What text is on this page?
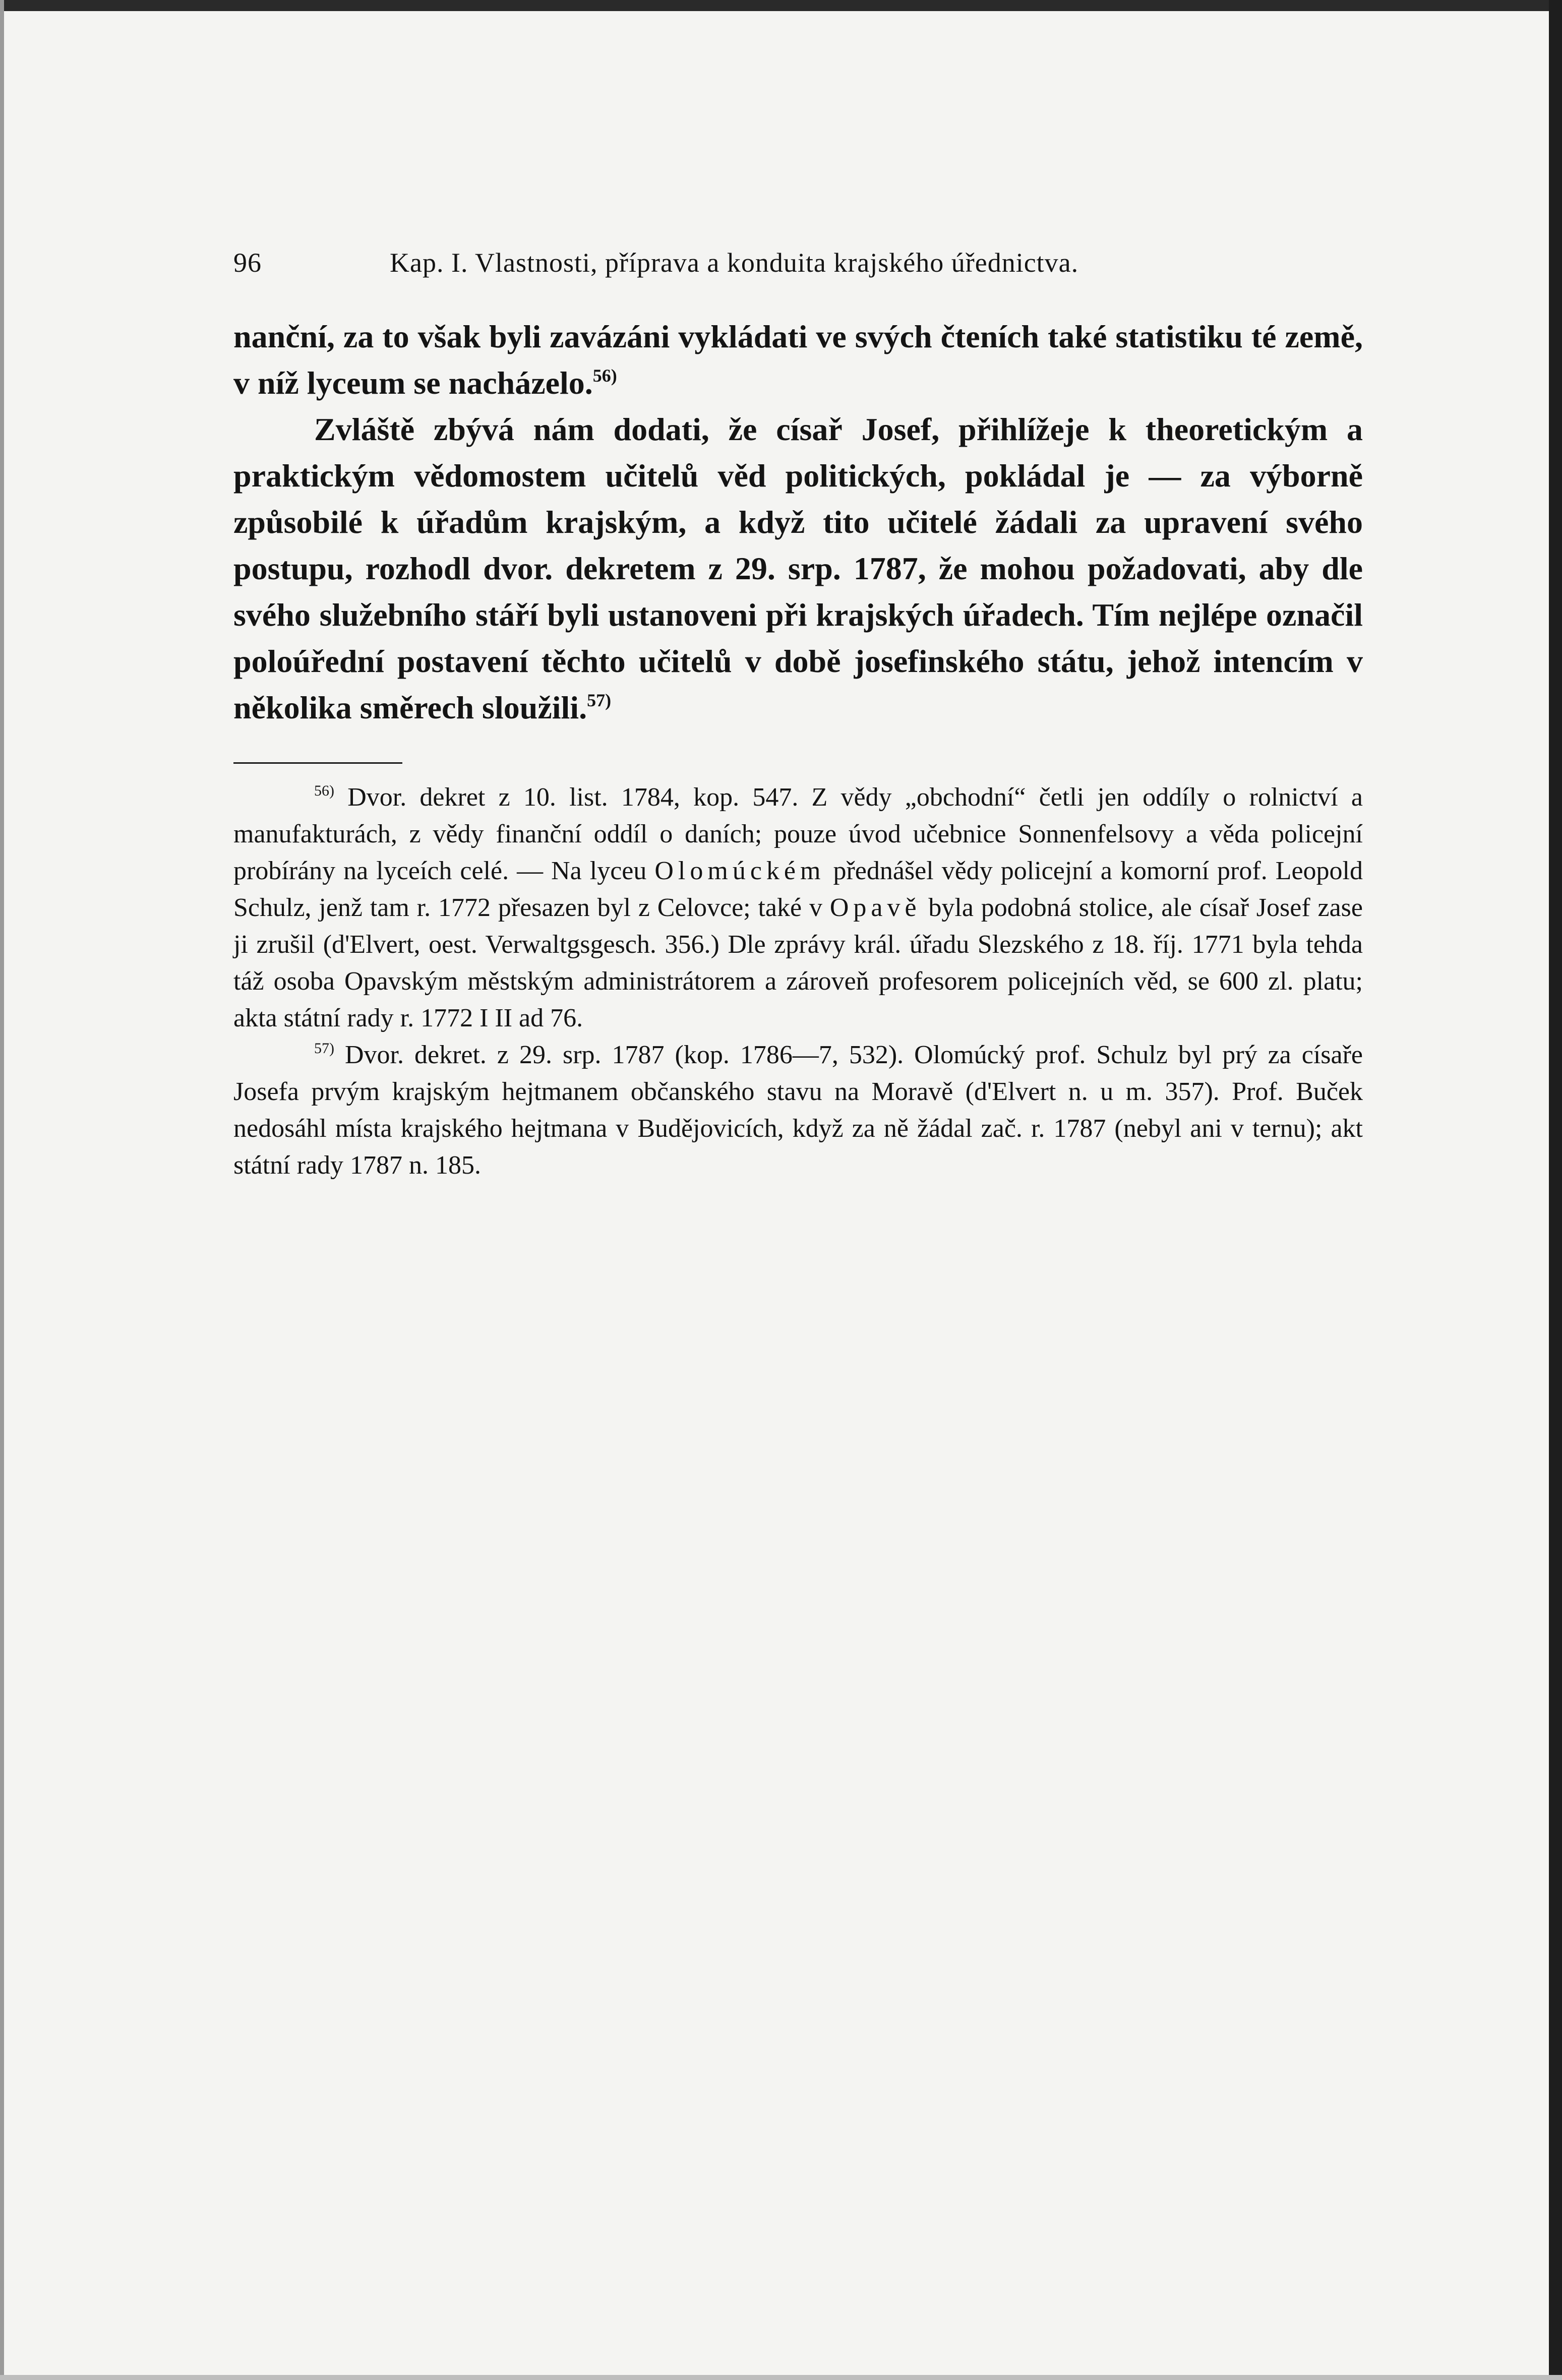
96	Kap. I. Vlastnosti, příprava a konduita krajského úřednictva.

nanční, za to však byli zavázáni vykládati ve svých čteních také statistiku té země, v níž lyceum se nacházelo.$^{56)}$

Zvláště zbývá nám dodati, že císař Josef, přihlížeje k theoretickým a praktickým vědomostem učitelů věd politických, pokládal je — za výborně způsobilé k úřadům krajským, a když tito učitelé žádali za upravení svého postupu, rozhodl dvor. dekretem z 29. srp. 1787, že mohou požadovati, aby dle svého služebního stáří byli ustanoveni při krajských úřadech. Tím nejlépe označil poloúřední postavení těchto učitelů v době josefinského státu, jehož intencím v několika směrech sloužili.$^{57)}$

$^{56)}$ Dvor. dekret z 10. list. 1784, kop. 547. Z vědy „obchodní“ četli jen oddíly o rolnictví a manufakturách, z vědy finanční oddíl o daních; pouze úvod učebnice Sonnenfelsovy a věda policejní probírány na lyceích celé. — Na lyceu Olomúckém přednášel vědy policejní a komorní prof. Leopold Schulz, jenž tam r. 1772 přesazen byl z Celovce; také v Opavě byla podobná stolice, ale císař Josef zase ji zrušil (d'Elvert, oest. Verwaltgsgesch. 356.) Dle zprávy král. úřadu Slezského z 18. říj. 1771 byla tehda táž osoba Opavským městským administrátorem a zároveň profesorem policejních věd, se 600 zl. platu; akta státní rady r. 1772 I II ad 76.

$^{57)}$ Dvor. dekret. z 29. srp. 1787 (kop. 1786—7, 532). Olomúcký prof. Schulz byl prý za císaře Josefa prvým krajským hejtmanem občanského stavu na Moravě (d'Elvert n. u m. 357). Prof. Buček nedosáhl místa krajského hejtmana v Budějovicích, když za ně žádal zač. r. 1787 (nebyl ani v ternu); akt státní rady 1787 n. 185.
